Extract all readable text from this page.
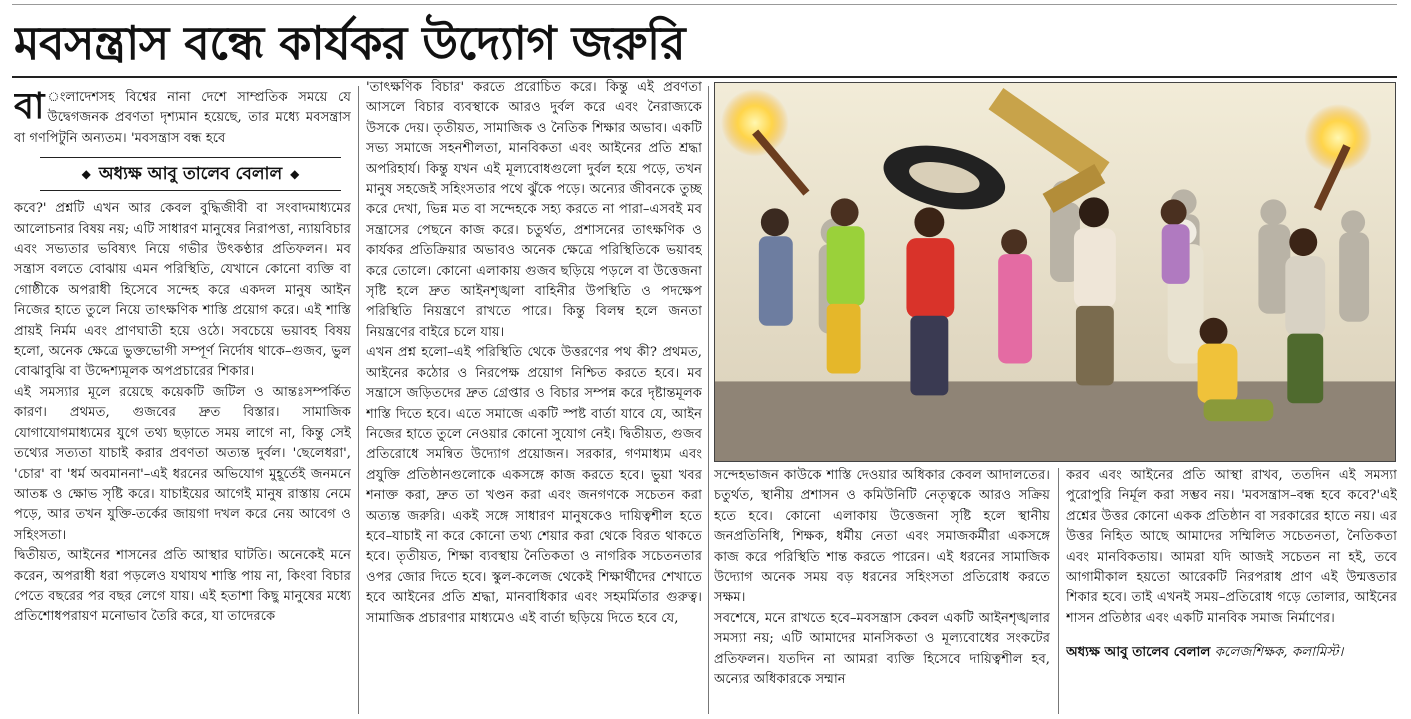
মবসন্ত্রাস বন্ধে কার্যকর উদ্যোগ জরুরি

বা ংলাদেশসহ বিশ্বের নানা দেশে সাম্প্রতিক সময়ে যে উদ্বেগজনক প্রবণতা দৃশ্যমান হয়েছে, তার মধ্যে মবসন্ত্রাস বা গণপিটুনি অন্যতম। 'মবসন্ত্রাস বন্ধ হবে

◆ অধ্যক্ষ আবু তালেব বেলাল ◆

কবে?' প্রশ্নটি এখন আর কেবল বুদ্ধিজীবী বা সংবাদমাধ্যমের আলোচনার বিষয় নয়; এটি সাধারণ মানুষের নিরাপত্তা, ন্যায়বিচার এবং সভ্যতার ভবিষ্যৎ নিয়ে গভীর উৎকণ্ঠার প্রতিফলন। মব সন্ত্রাস বলতে বোঝায় এমন পরিস্থিতি, যেখানে কোনো ব্যক্তি বা গোষ্ঠীকে অপরাধী হিসেবে সন্দেহ করে একদল মানুষ আইন নিজের হাতে তুলে নিয়ে তাৎক্ষণিক শাস্তি প্রয়োগ করে। এই শাস্তি প্রায়ই নির্মম এবং প্রাণঘাতী হয়ে ওঠে। সবচেয়ে ভয়াবহ বিষয় হলো, অনেক ক্ষেত্রে ভুক্তভোগী সম্পূর্ণ নির্দোষ থাকে–গুজব, ভুল বোঝাবুঝি বা উদ্দেশ্যমূলক অপপ্রচারের শিকার।

এই সমস্যার মূলে রয়েছে কয়েকটি জটিল ও আন্তঃসম্পর্কিত কারণ। প্রথমত, গুজবের দ্রুত বিস্তার। সামাজিক যোগাযোগমাধ্যমের যুগে তথ্য ছড়াতে সময় লাগে না, কিন্তু সেই তথ্যের সত্যতা যাচাই করার প্রবণতা অত্যন্ত দুর্বল। 'ছেলেধরা', 'চোর' বা 'ধর্ম অবমাননা'–এই ধরনের অভিযোগ মুহূর্তেই জনমনে আতঙ্ক ও ক্ষোভ সৃষ্টি করে। যাচাইয়ের আগেই মানুষ রাস্তায় নেমে পড়ে, আর তখন যুক্তি-তর্কের জায়গা দখল করে নেয় আবেগ ও সহিংসতা।

দ্বিতীয়ত, আইনের শাসনের প্রতি আস্থার ঘাটতি। অনেকেই মনে করেন, অপরাধী ধরা পড়লেও যথাযথ শাস্তি পায় না, কিংবা বিচার পেতে বছরের পর বছর লেগে যায়। এই হতাশা কিছু মানুষের মধ্যে প্রতিশোধপরায়ণ মনোভাব তৈরি করে, যা তাদেরকে

'তাৎক্ষণিক বিচার' করতে প্ররোচিত করে। কিন্তু এই প্রবণতা আসলে বিচার ব্যবস্থাকে আরও দুর্বল করে এবং নৈরাজ্যকে উসকে দেয়। তৃতীয়ত, সামাজিক ও নৈতিক শিক্ষার অভাব। একটি সভ্য সমাজে সহনশীলতা, মানবিকতা এবং আইনের প্রতি শ্রদ্ধা অপরিহার্য। কিন্তু যখন এই মূল্যবোধগুলো দুর্বল হয়ে পড়ে, তখন মানুষ সহজেই সহিংসতার পথে ঝুঁকে পড়ে। অন্যের জীবনকে তুচ্ছ করে দেখা, ভিন্ন মত বা সন্দেহকে সহ্য করতে না পারা–এসবই মব সন্ত্রাসের পেছনে কাজ করে। চতুর্থত, প্রশাসনের তাৎক্ষণিক ও কার্যকর প্রতিক্রিয়ার অভাবও অনেক ক্ষেত্রে পরিস্থিতিকে ভয়াবহ করে তোলে। কোনো এলাকায় গুজব ছড়িয়ে পড়লে বা উত্তেজনা সৃষ্টি হলে দ্রুত আইনশৃঙ্খলা বাহিনীর উপস্থিতি ও পদক্ষেপ পরিস্থিতি নিয়ন্ত্রণে রাখতে পারে। কিন্তু বিলম্ব হলে জনতা নিয়ন্ত্রণের বাইরে চলে যায়।

এখন প্রশ্ন হলো–এই পরিস্থিতি থেকে উত্তরণের পথ কী? প্রথমত, আইনের কঠোর ও নিরপেক্ষ প্রয়োগ নিশ্চিত করতে হবে। মব সন্ত্রাসে জড়িতদের দ্রুত গ্রেপ্তার ও বিচার সম্পন্ন করে দৃষ্টান্তমূলক শাস্তি দিতে হবে। এতে সমাজে একটি স্পষ্ট বার্তা যাবে যে, আইন নিজের হাতে তুলে নেওয়ার কোনো সুযোগ নেই। দ্বিতীয়ত, গুজব প্রতিরোধে সমন্বিত উদ্যোগ প্রয়োজন। সরকার, গণমাধ্যম এবং প্রযুক্তি প্রতিষ্ঠানগুলোকে একসঙ্গে কাজ করতে হবে। ভুয়া খবর শনাক্ত করা, দ্রুত তা খণ্ডন করা এবং জনগণকে সচেতন করা অত্যন্ত জরুরি। একই সঙ্গে সাধারণ মানুষকেও দায়িত্বশীল হতে হবে–যাচাই না করে কোনো তথ্য শেয়ার করা থেকে বিরত থাকতে হবে। তৃতীয়ত, শিক্ষা ব্যবস্থায় নৈতিকতা ও নাগরিক সচেতনতার ওপর জোর দিতে হবে। স্কুল-কলেজ থেকেই শিক্ষার্থীদের শেখাতে হবে আইনের প্রতি শ্রদ্ধা, মানবাধিকার এবং সহমর্মিতার গুরুত্ব। সামাজিক প্রচারণার মাধ্যমেও এই বার্তা ছড়িয়ে দিতে হবে যে,

সন্দেহভাজন কাউকে শাস্তি দেওয়ার অধিকার কেবল আদালতের। চতুর্থত, স্থানীয় প্রশাসন ও কমিউনিটি নেতৃত্বকে আরও সক্রিয় হতে হবে। কোনো এলাকায় উত্তেজনা সৃষ্টি হলে স্থানীয় জনপ্রতিনিধি, শিক্ষক, ধর্মীয় নেতা এবং সমাজকর্মীরা একসঙ্গে কাজ করে পরিস্থিতি শান্ত করতে পারেন। এই ধরনের সামাজিক উদ্যোগ অনেক সময় বড় ধরনের সহিংসতা প্রতিরোধ করতে সক্ষম।

সবশেষে, মনে রাখতে হবে–মবসন্ত্রাস কেবল একটি আইনশৃঙ্খলার সমস্যা নয়; এটি আমাদের মানসিকতা ও মূল্যবোধের সংকটের প্রতিফলন। যতদিন না আমরা ব্যক্তি হিসেবে দায়িত্বশীল হব, অন্যের অধিকারকে সম্মান

করব এবং আইনের প্রতি আস্থা রাখব, ততদিন এই সমস্যা পুরোপুরি নির্মূল করা সম্ভব নয়। 'মবসন্ত্রাস–বন্ধ হবে কবে?'এই প্রশ্নের উত্তর কোনো একক প্রতিষ্ঠান বা সরকারের হাতে নয়। এর উত্তর নিহিত আছে আমাদের সম্মিলিত সচেতনতা, নৈতিকতা এবং মানবিকতায়। আমরা যদি আজই সচেতন না হই, তবে আগামীকাল হয়তো আরেকটি নিরপরাধ প্রাণ এই উন্মত্ততার শিকার হবে। তাই এখনই সময়–প্রতিরোধ গড়ে তোলার, আইনের শাসন প্রতিষ্ঠার এবং একটি মানবিক সমাজ নির্মাণের।

অধ্যক্ষ আবু তালেব বেলাল কলেজশিক্ষক, কলামিস্ট।
